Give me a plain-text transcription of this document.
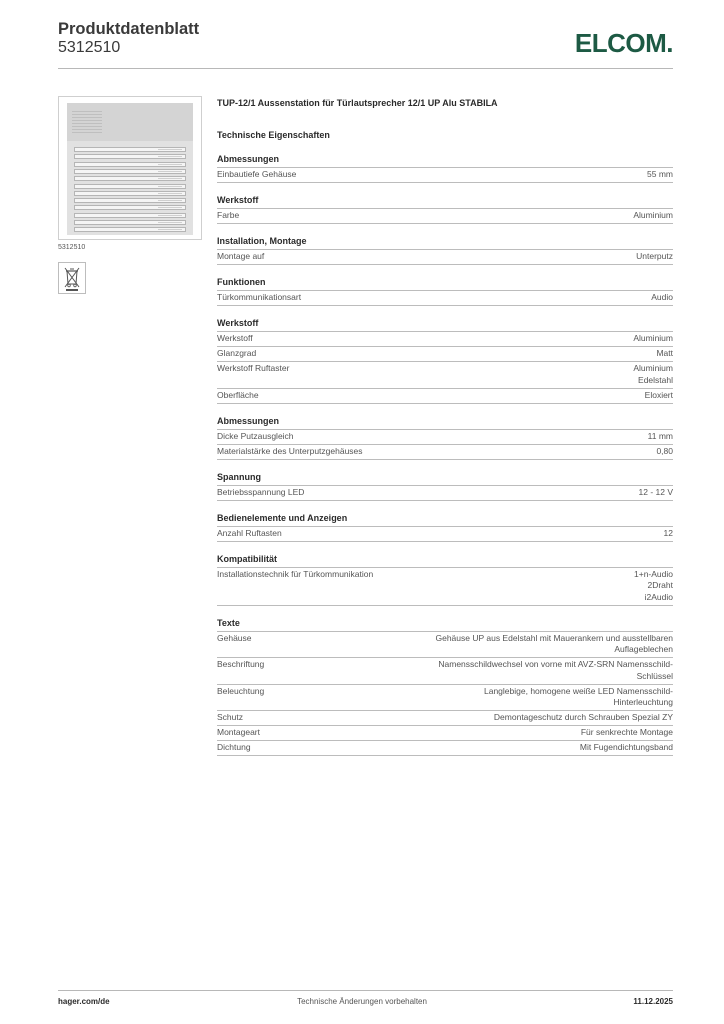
Produktdatenblatt
5312510	ELCOM.
5312510
TUP-12/1 Aussenstation für Türlautsprecher 12/1 UP Alu STABILA
Technische Eigenschaften
Abmessungen
Einbautiefe Gehäuse	55 mm
Werkstoff
Farbe	Aluminium
Installation, Montage
Montage auf	Unterputz
Funktionen
Türkommunikationsart	Audio
Werkstoff
Werkstoff	Aluminium
Glanzgrad	Matt
Werkstoff Ruftaster	Aluminium
Edelstahl
Oberfläche	Eloxiert
Abmessungen
Dicke Putzausgleich	11 mm
Materialstärke des Unterputzgehäuses	0,80
Spannung
Betriebsspannung LED	12 - 12 V
Bedienelemente und Anzeigen
Anzahl Ruftasten	12
Kompatibilität
Installationstechnik für Türkommunikation	1+n-Audio
2Draht
i2Audio
Texte
Gehäuse	Gehäuse UP aus Edelstahl mit Mauerankern und ausstellbaren
Auflageblechen
Beschriftung	Namensschildwechsel von vorne mit AVZ-SRN Namensschild-
Schlüssel
Beleuchtung	Langlebige, homogene weiße LED Namensschild-
Hinterleuchtung
Schutz	Demontageschutz durch Schrauben Spezial ZY
Montageart	Für senkrechte Montage
Dichtung	Mit Fugendichtungsband
hager.com/de	Technische Änderungen vorbehalten	11.12.2025
